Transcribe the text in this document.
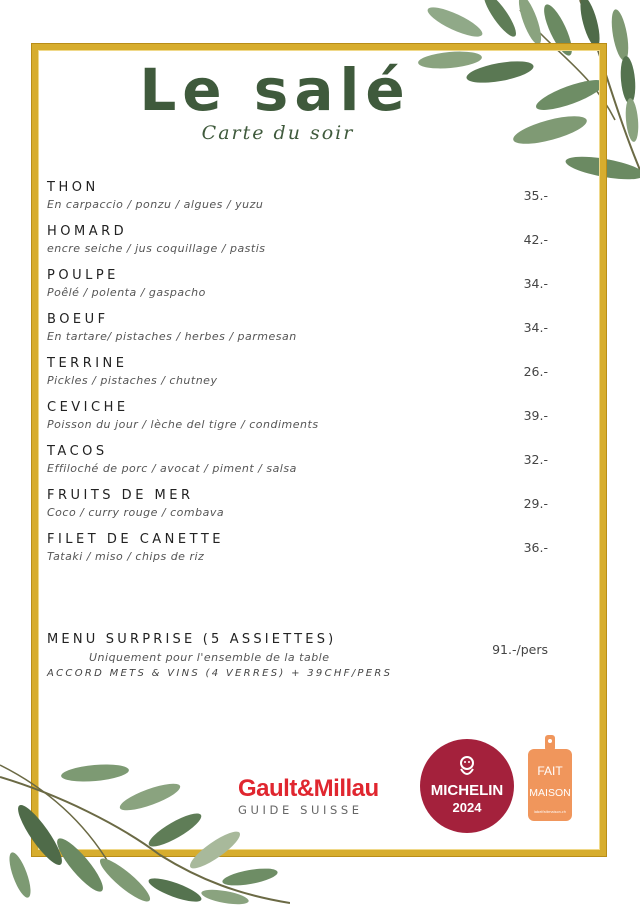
Le salé
Carte du soir
THON
En carpaccio / ponzu / algues / yuzu
35.-
HOMARD
encre seiche / jus coquillage / pastis
42.-
POULPE
Poêlé / polenta / gaspacho
34.-
BOEUF
En tartare/ pistaches / herbes / parmesan
34.-
TERRINE
Pickles / pistaches / chutney
26.-
CEVICHE
Poisson du jour / lèche del tigre / condiments
39.-
TACOS
Effiloché de porc / avocat / piment / salsa
32.-
FRUITS DE MER
Coco / curry rouge / combava
29.-
FILET DE CANETTE
Tataki / miso / chips de riz
36.-
MENU SURPRISE (5 ASSIETTES)
Uniquement pour l'ensemble de la table
ACCORD METS & VINS (4 VERRES) + 39CHF/PERS
91.-/pers
Gault&Millau
GUIDE SUISSE
MICHELIN
2024
FAIT
MAISON
labelfaitmaison.ch
